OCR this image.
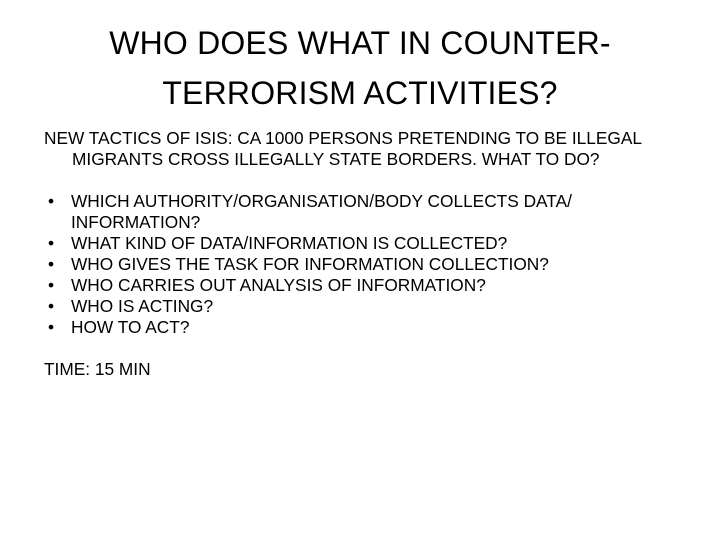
WHO DOES WHAT IN COUNTER-
TERRORISM ACTIVITIES?

NEW TACTICS OF ISIS: CA 1000 PERSONS PRETENDING TO BE ILLEGAL MIGRANTS CROSS ILLEGALLY STATE BORDERS. WHAT TO DO?

• WHICH AUTHORITY/ORGANISATION/BODY COLLECTS DATA/ INFORMATION?
• WHAT KIND OF DATA/INFORMATION IS COLLECTED?
• WHO GIVES THE TASK FOR INFORMATION COLLECTION?
• WHO CARRIES OUT ANALYSIS OF INFORMATION?
• WHO IS ACTING?
• HOW TO ACT?

TIME: 15 MIN
